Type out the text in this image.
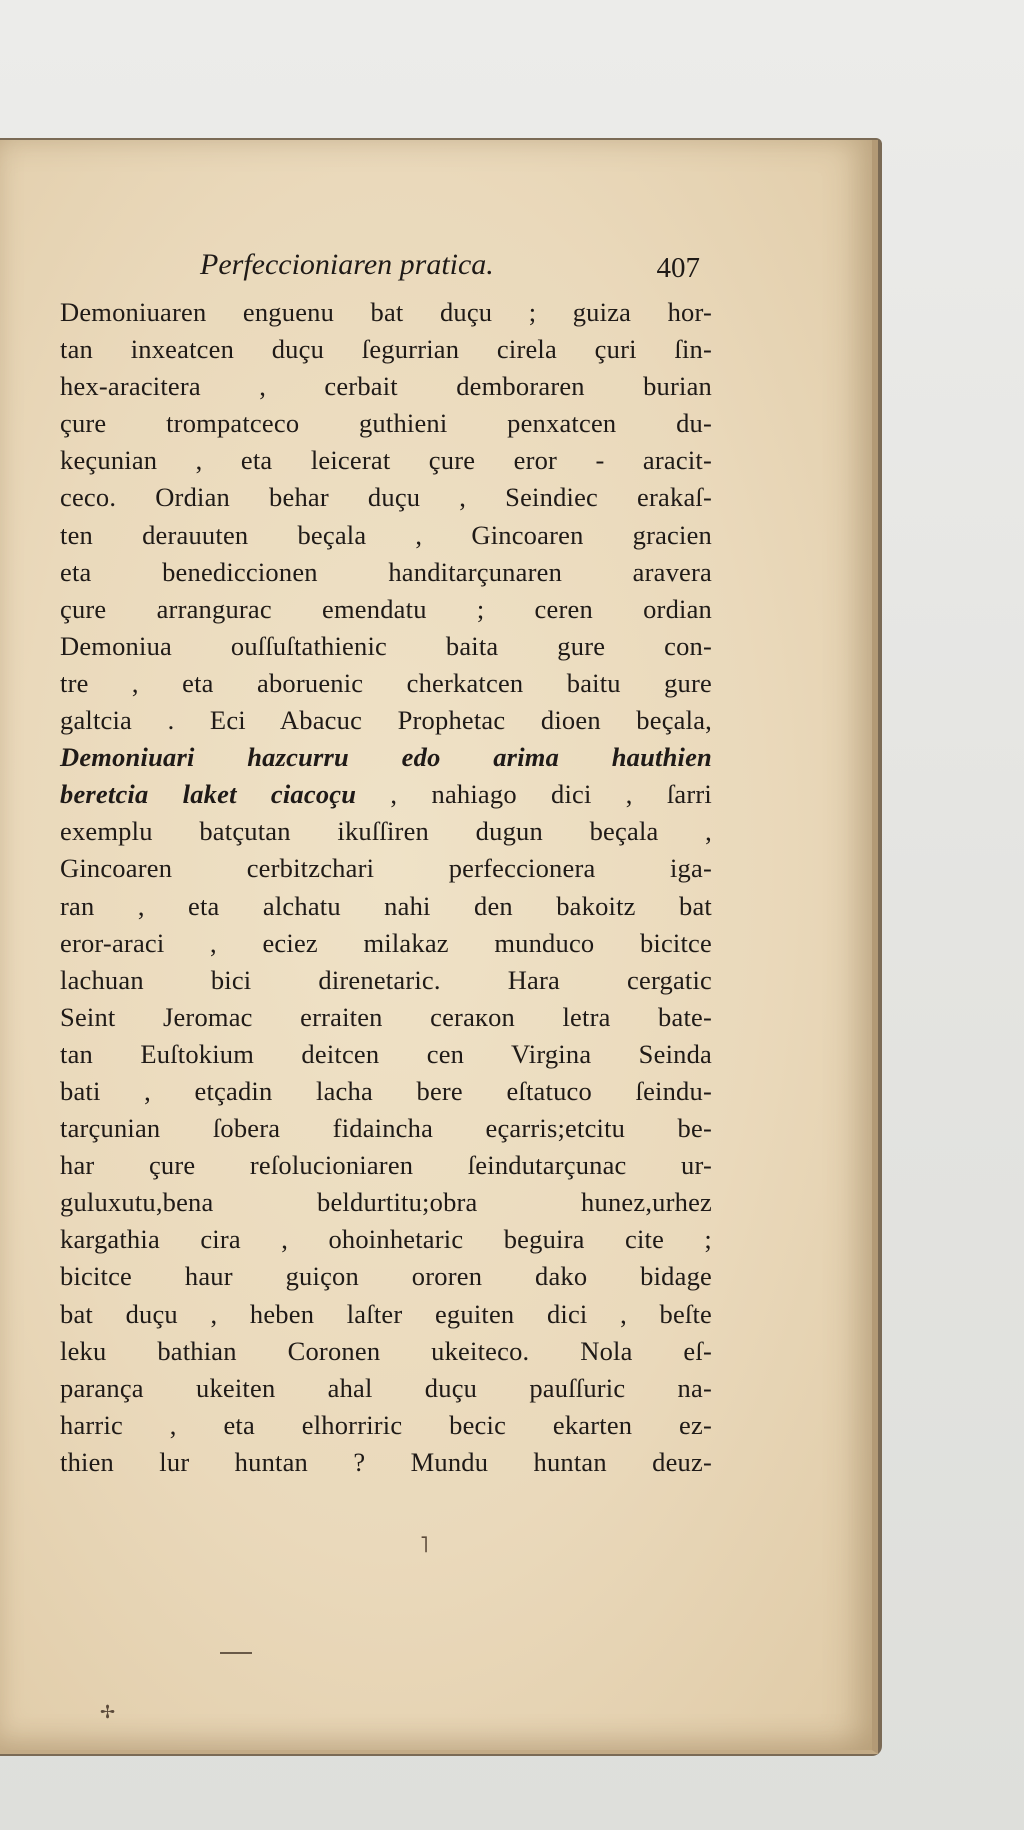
Perfeccioniaren pratica.	407
Demoniuaren enguenu bat duçu ; guiza hor-
tan inxeatcen duçu ſegurrian cirela çuri ſin-
hex-aracitera , cerbait demboraren burian
çure trompatceco guthieni penxatcen du-
keçunian , eta leicerat çure eror - aracit-
ceco. Ordian behar duçu , Seindiec erakaſ-
ten derauuten beçala , Gincoaren gracien
eta benediccionen handitarçunaren aravera
çure arrangurac emendatu ; ceren ordian
Demoniua ouſſuſtathienic baita gure con-
tre , eta aboruenic cherkatcen baitu gure
galtcia . Eci Abacuc Prophetac dioen beçala,
Demoniuari hazcurru edo arima hauthien
beretcia laket ciacoçu , nahiago dici , ſarri
exemplu batçutan ikuſſiren dugun beçala ,
Gincoaren cerbitzchari perfeccionera iga-
ran , eta alchatu nahi den bakoitz bat
eror-araci , eciez milakaz munduco bicitce
lachuan bici direnetaric. Hara cergatic
Seint Jeromac erraiten ceraкon letra bate-
tan Euſtokium deitcen cen Virgina Seinda
bati , etçadin lacha bere eſtatuco ſeindu-
tarçunian ſobera fidaincha eçarris;etcitu be-
har çure reſolucioniaren ſeindutarçunac ur-
guluxutu,bena beldurtitu;obra hunez,urhez
kargathia cira , ohoinhetaric beguira cite ;
bicitce haur guiçon ororen dako bidage
bat duçu , heben laſter eguiten dici , beſte
leku bathian Coronen ukeiteco. Nola eſ-
parança ukeiten ahal duçu pauſſuric na-
harric , eta elhorriric becic ekarten ez-
thien lur huntan ? Mundu huntan deuz-
˥
✢
